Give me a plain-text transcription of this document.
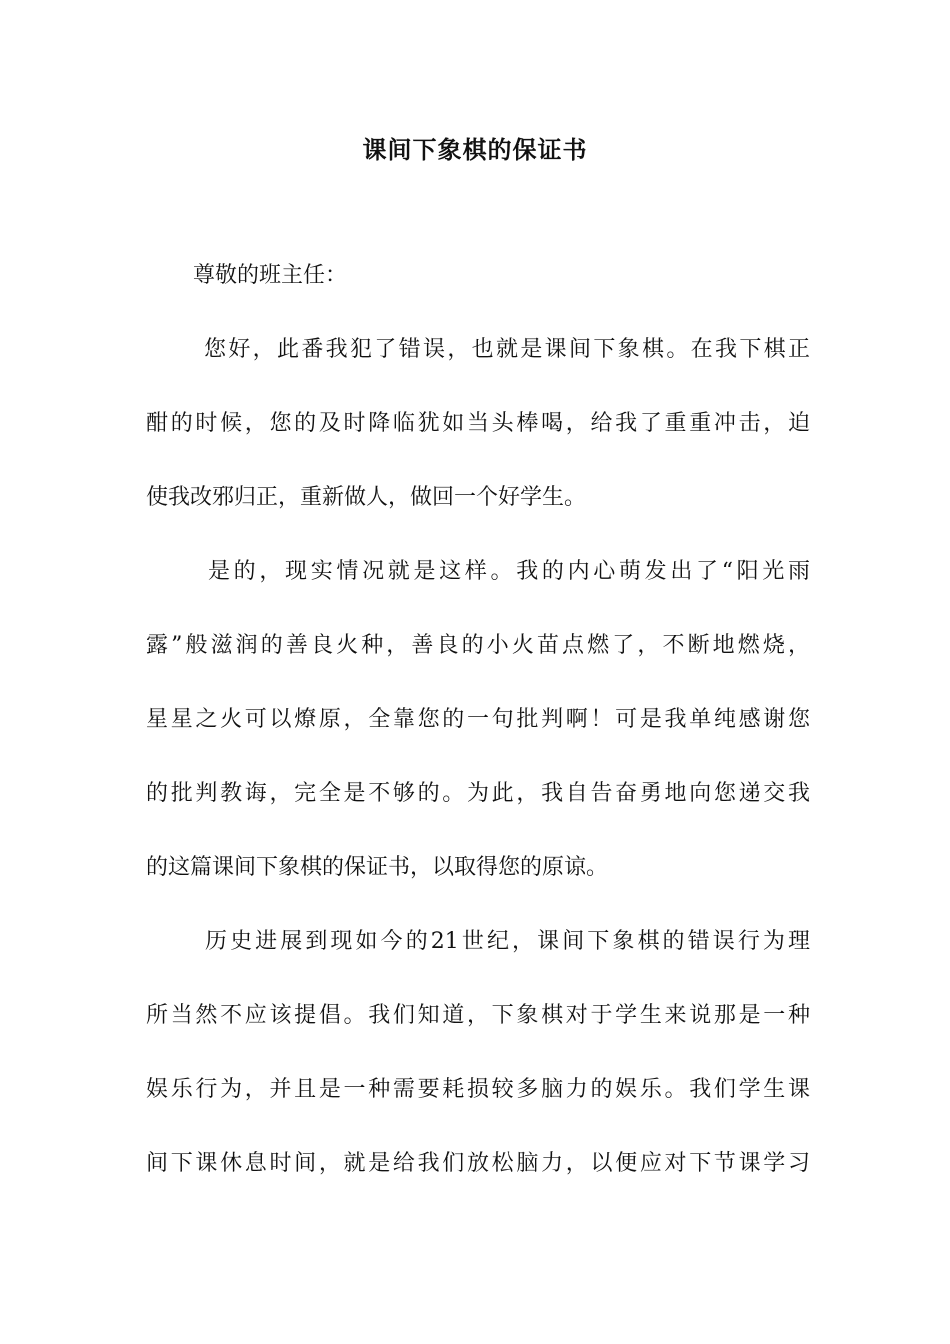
课间下象棋的保证书
尊敬的班主任：
您好，此番我犯了错误，也就是课间下象棋。在我下棋正
酣的时候，您的及时降临犹如当头棒喝，给我了重重冲击，迫
使我改邪归正，重新做人，做回一个好学生。
是的，现实情况就是这样。我的内心萌发出了“阳光雨
露”般滋润的善良火种，善良的小火苗点燃了，不断地燃烧，
星星之火可以燎原，全靠您的一句批判啊！可是我单纯感谢您
的批判教诲，完全是不够的。为此，我自告奋勇地向您递交我
的这篇课间下象棋的保证书，以取得您的原谅。
历史进展到现如今的21世纪，课间下象棋的错误行为理
所当然不应该提倡。我们知道，下象棋对于学生来说那是一种
娱乐行为，并且是一种需要耗损较多脑力的娱乐。我们学生课
间下课休息时间，就是给我们放松脑力，以便应对下节课学习
